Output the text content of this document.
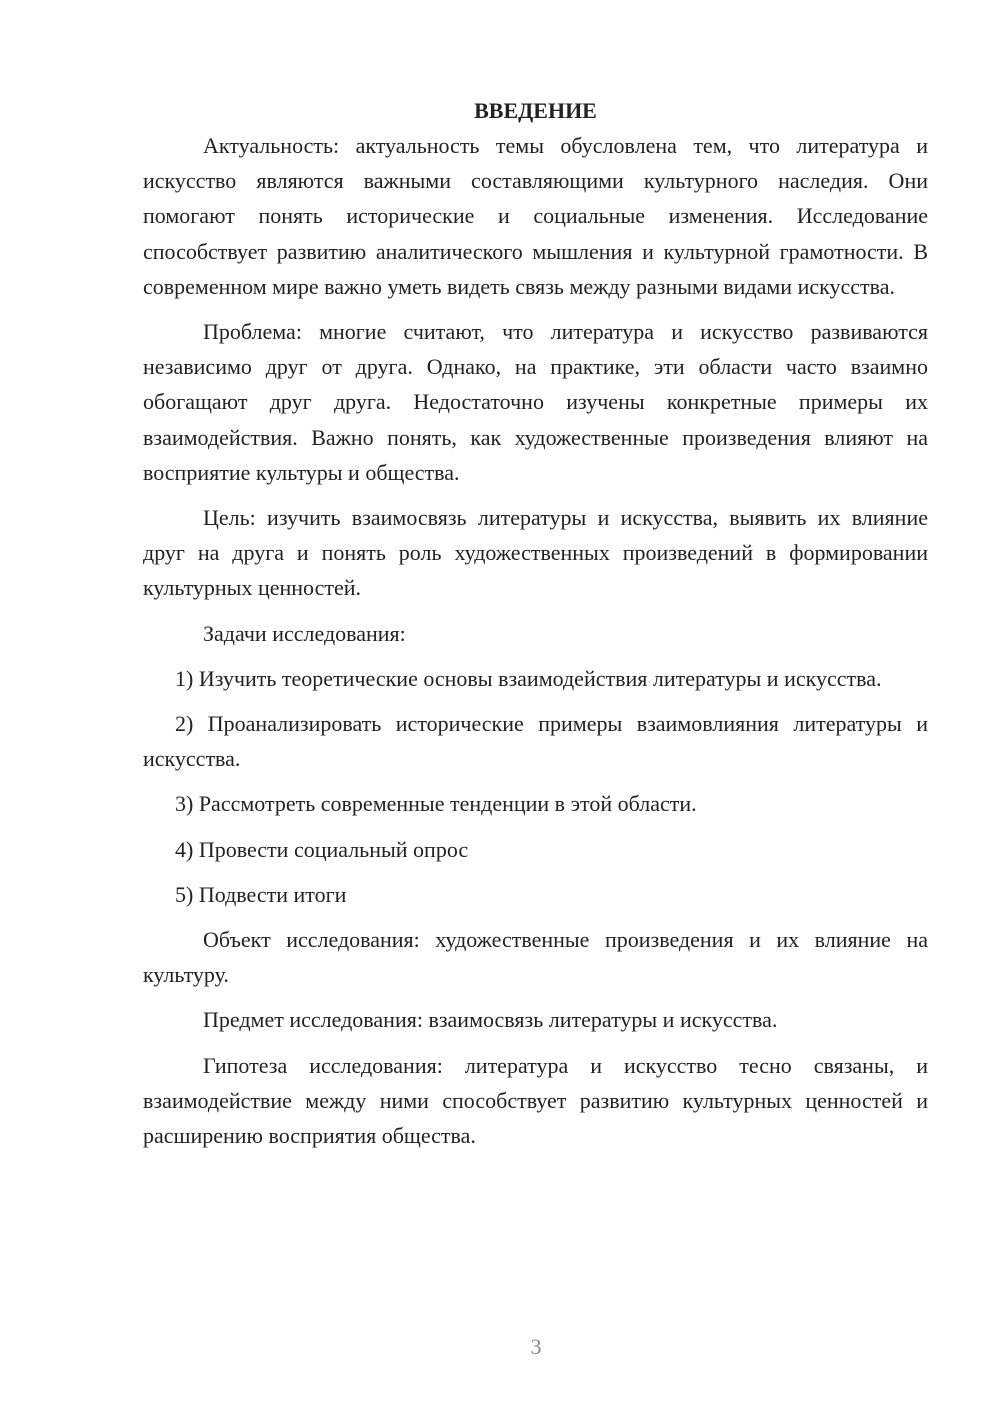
ВВЕДЕНИЕ

Актуальность: актуальность темы обусловлена тем, что литература и искусство являются важными составляющими культурного наследия. Они помогают понять исторические и социальные изменения. Исследование способствует развитию аналитического мышления и культурной грамотности. В современном мире важно уметь видеть связь между разными видами искусства.

Проблема: многие считают, что литература и искусство развиваются независимо друг от друга. Однако, на практике, эти области часто взаимно обогащают друг друга. Недостаточно изучены конкретные примеры их взаимодействия. Важно понять, как художественные произведения влияют на восприятие культуры и общества.

Цель: изучить взаимосвязь литературы и искусства, выявить их влияние друг на друга и понять роль художественных произведений в формировании культурных ценностей.

Задачи исследования:

1) Изучить теоретические основы взаимодействия литературы и искусства.

2) Проанализировать исторические примеры взаимовлияния литературы и искусства.

3) Рассмотреть современные тенденции в этой области.

4) Провести социальный опрос

5) Подвести итоги

Объект исследования: художественные произведения и их влияние на культуру.

Предмет исследования: взаимосвязь литературы и искусства.

Гипотеза исследования: литература и искусство тесно связаны, и взаимодействие между ними способствует развитию культурных ценностей и расширению восприятия общества.

3
